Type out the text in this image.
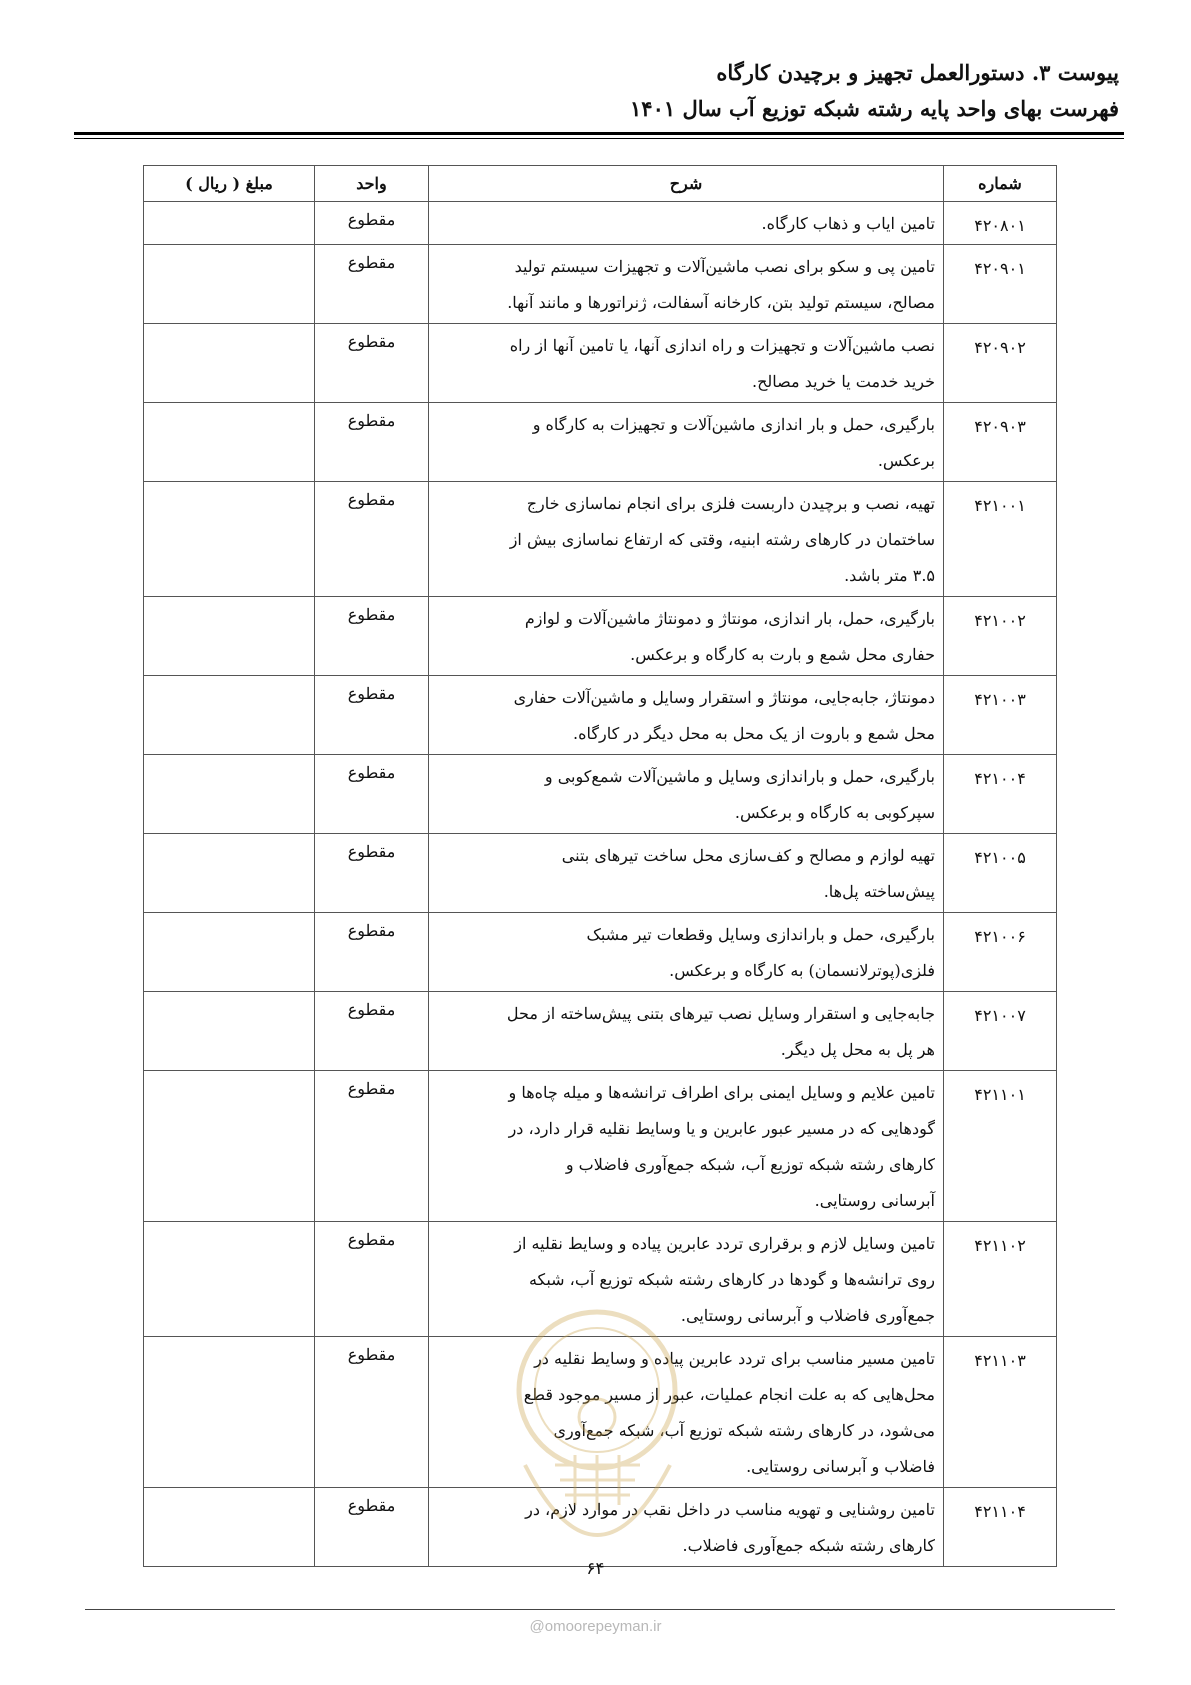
پیوست ۳. دستورالعمل تجهیز و برچیدن کارگاه
فهرست بهای واحد پایه رشته شبکه توزیع آب سال ۱۴۰۱
شماره	شرح	واحد	مبلغ ( ریال )
۴۲۰۸۰۱	تامین ایاب و ذهاب کارگاه.	مقطوع	
۴۲۰۹۰۱	تامین پی و سکو برای نصب ماشین‌آلات و تجهیزات سیستم تولید
مصالح، سیستم تولید بتن، کارخانه آسفالت، ژنراتورها و مانند آنها.	مقطوع	
۴۲۰۹۰۲	نصب ماشین‌آلات و تجهیزات و راه اندازی آنها، یا تامین آنها از راه
خرید خدمت یا خرید مصالح.	مقطوع	
۴۲۰۹۰۳	بارگیری، حمل و بار اندازی ماشین‌آلات و تجهیزات به کارگاه و
برعکس.	مقطوع	
۴۲۱۰۰۱	تهیه، نصب و برچیدن داربست فلزی برای انجام نماسازی خارج
ساختمان در کارهای رشته ابنیه، وقتی که ارتفاع نماسازی بیش از
۳.۵ متر باشد.	مقطوع	
۴۲۱۰۰۲	بارگیری، حمل، بار اندازی، مونتاژ و دمونتاژ ماشین‌آلات و لوازم
حفاری محل شمع و بارت به کارگاه و برعکس.	مقطوع	
۴۲۱۰۰۳	دمونتاژ، جابه‌جایی، مونتاژ و استقرار وسایل و ماشین‌آلات حفاری
محل شمع و باروت از یک محل به محل دیگر در کارگاه.	مقطوع	
۴۲۱۰۰۴	بارگیری، حمل و باراندازی وسایل و ماشین‌آلات شمع‌کوبی و
سپرکوبی به کارگاه و برعکس.	مقطوع	
۴۲۱۰۰۵	تهیه لوازم و مصالح و کف‌سازی محل ساخت تیرهای بتنی
پیش‌ساخته پل‌ها.	مقطوع	
۴۲۱۰۰۶	بارگیری، حمل و باراندازی وسایل وقطعات تیر مشبک
فلزی(پوترلانسمان) به کارگاه و برعکس.	مقطوع	
۴۲۱۰۰۷	جابه‌جایی و استقرار وسایل نصب تیرهای بتنی پیش‌ساخته از محل
هر پل به محل پل دیگر.	مقطوع	
۴۲۱۱۰۱	تامین علایم و وسایل ایمنی برای اطراف ترانشه‌ها و میله چاه‌ها و
گودهایی که در مسیر عبور عابرین و یا وسایط نقلیه قرار دارد، در
کارهای رشته شبکه توزیع آب، شبکه جمع‌آوری فاضلاب و
آبرسانی روستایی.	مقطوع	
۴۲۱۱۰۲	تامین وسایل لازم و برقراری تردد عابرین پیاده و وسایط نقلیه از
روی ترانشه‌ها و گودها در کارهای رشته شبکه توزیع آب، شبکه
جمع‌آوری فاضلاب و آبرسانی روستایی.	مقطوع	
۴۲۱۱۰۳	تامین مسیر مناسب برای تردد عابرین پیاده و وسایط نقلیه در
محل‌هایی که به علت انجام عملیات، عبور از مسیر موجود قطع
می‌شود، در کارهای رشته شبکه توزیع آب، شبکه جمع‌آوری
فاضلاب و آبرسانی روستایی.	مقطوع	
۴۲۱۱۰۴	تامین روشنایی و تهویه مناسب در داخل نقب در موارد لازم، در
کارهای رشته شبکه جمع‌آوری فاضلاب.	مقطوع	
۶۴
@omoorepeyman.ir
